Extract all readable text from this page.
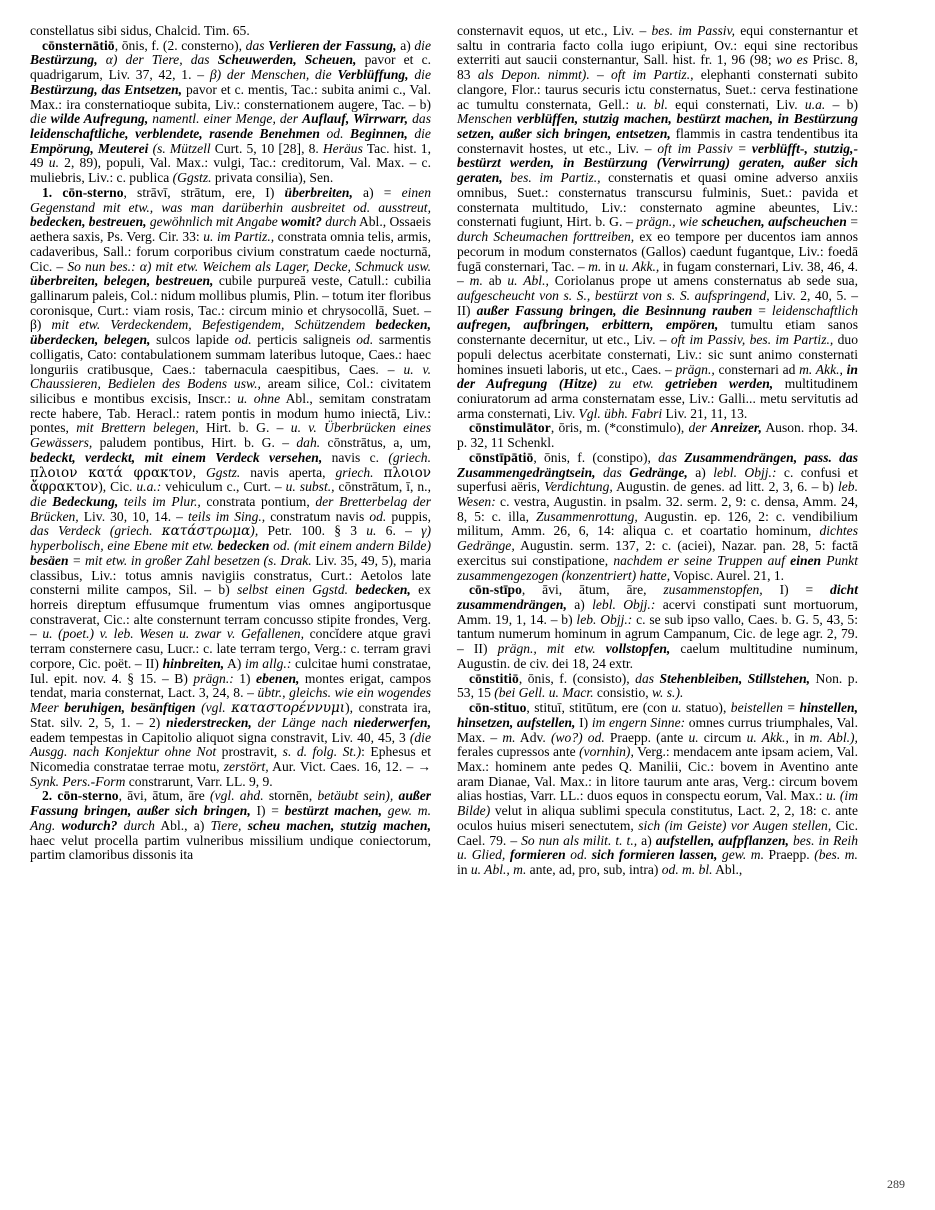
constellatus sibi sidus, Chalcid. Tim. 65.

cōnsternātiō, ōnis, f. (2. consterno), das Verlieren der Fassung, a) die Bestürzung, α) der Tiere, das Scheuwerden, Scheuen, pavor et c. quadrigarum, Liv. 37, 42, 1. – β) der Menschen, die Verblüffung, die Bestürzung, das Entsetzen, pavor et c. mentis, Tac.: subita animi c., Val. Max.: ira consternatioque subita, Liv.: consternationem augere, Tac. – b) die wilde Aufregung, namentl. einer Menge, der Auflauf, Wirrwarr, das leidenschaftliche, verblendete, rasende Benehmen od. Beginnen, die Empörung, Meuterei (s. Mützell Curt. 5, 10 [28], 8. Heräus Tac. hist. 1, 49 u. 2, 89), populi, Val. Max.: vulgi, Tac.: creditorum, Val. Max. – c. muliebris, Liv.: c. publica (Ggstz. privata consilia), Sen.

1. cōn-sterno, strāvī, strātum, ere, I) überbreiten, a) = einen Gegenstand mit etw., was man darüberhin ausbreitet od. ausstreut, bedecken, bestreuen, gewöhnlich mit Angabe womit? durch Abl., Ossaeis aethera saxis, Ps. Verg. Cir. 33: u. im Partiz., constrata omnia telis, armis, cadaveribus, Sall.: forum corporibus civium constratum caede nocturnā, Cic. – So nun bes.: α) mit etw. Weichem als Lager, Decke, Schmuck usw. überbreiten, belegen, bestreuen, cubile purpureā veste, Catull.: cubilia gallinarum paleis, Col.: nidum mollibus plumis, Plin. – totum iter floribus coronisque, Curt.: viam rosis, Tac.: circum minio et chrysocollā, Suet. – β) mit etw. Verdeckendem, Befestigendem, Schützendem bedecken, überdecken, belegen, sulcos lapide od. perticis saligneis od. sarmentis colligatis, Cato: contabulationem summam lateribus lutoque, Caes.: haec longuriis cratibusque, Caes.: tabernacula caespitibus, Caes. – u. v. Chaussieren, Bedielen des Bodens usw., aream silice, Col.: civitatem silicibus e montibus excisis, Inscr.: u. ohne Abl., semitam constratam recte habere, Tab. Heracl.: ratem pontis in modum humo iniectā, Liv.: pontes, mit Brettern belegen, Hirt. b. G. – u. v. Überbrücken eines Gewässers, paludem pontibus, Hirt. b. G. – dah. cōnstrātus, a, um, bedeckt, verdeckt, mit einem Verdeck versehen, navis c. (griech. πλοιον κατά φρακτον, Ggstz. navis aperta, griech. πλοιον ἄφρακτον), Cic. u.a.: vehiculum c., Curt. – u. subst., cōnstrātum, ī, n., die Bedeckung, teils im Plur., constrata pontium, der Bretterbelag der Brücken, Liv. 30, 10, 14. – teils im Sing., constratum navis od. puppis, das Verdeck (griech. κατάστρωμα), Petr. 100. § 3 u. 6. – γ) hyperbolisch, eine Ebene mit etw. bedecken od. (mit einem andern Bilde) besäen = mit etw. in großer Zahl besetzen (s. Drak. Liv. 35, 49, 5), maria classibus, Liv.: totus amnis navigiis constratus, Curt.: Aetolos late consterni milite campos, Sil. – b) selbst einen Ggstd. bedecken, ex horreis direptum effusumque frumentum vias omnes angiportusque constraverat, Cic.: alte consternunt terram concusso stipite frondes, Verg. – u. (poet.) v. leb. Wesen u. zwar v. Gefallenen, concĭdere atque gravi terram consternere casu, Lucr.: c. late terram tergo, Verg.: c. terram gravi corpore, Cic. poët. – II) hinbreiten, A) im allg.: culcitae humi constratae, Iul. epit. nov. 4. § 15. – B) prägn.: 1) ebenen, montes erigat, campos tendat, maria consternat, Lact. 3, 24, 8. – übtr., gleichs. wie ein wogendes Meer beruhigen, besänftigen (vgl. καταστορέννυμι), constrata ira, Stat. silv. 2, 5, 1. – 2) niederstrecken, der Länge nach niederwerfen, eadem tempestas in Capitolio aliquot signa constravit, Liv. 40, 45, 3 (die Ausgg. nach Konjektur ohne Not prostravit, s. d. folg. St.): Ephesus et Nicomedia constratae terrae motu, zerstört, Aur. Vict. Caes. 16, 12. – → Synk. Pers.-Form constrarunt, Varr. LL. 9, 9.

2. cōn-sterno, āvi, ātum, āre (vgl. ahd. stornēn, betäubt sein), außer Fassung bringen, außer sich bringen, I) = bestürzt machen, gew. m. Ang. wodurch? durch Abl., a) Tiere, scheu machen, stutzig machen, haec velut procella partim vulneribus missilium undique coniectorum, partim clamoribus dissonis ita

consternavit equos, ut etc., Liv. – bes. im Passiv, equi consternantur et saltu in contraria facto colla iugo eripiunt, Ov.: equi sine rectoribus exterriti aut saucii consternantur, Sall. hist. fr. 1, 96 (98; wo es Prisc. 8, 83 als Depon. nimmt). – oft im Partiz., elephanti consternati subito clangore, Flor.: taurus securis ictu consternatus, Suet.: cerva festinatione ac tumultu consternata, Gell.: u. bl. equi consternati, Liv. u.a. – b) Menschen verblüffen, stutzig machen, bestürzt machen, in Bestürzung setzen, außer sich bringen, entsetzen, flammis in castra tendentibus ita consternavit hostes, ut etc., Liv. – oft im Passiv = verblüfft-, stutzig,- bestürzt werden, in Bestürzung (Verwirrung) geraten, außer sich geraten, bes. im Partiz., consternatis et quasi omine adverso anxiis omnibus, Suet.: consternatus transcursu fulminis, Suet.: pavida et consternata multitudo, Liv.: consternato agmine abeuntes, Liv.: consternati fugiunt, Hirt. b. G. – prägn., wie scheuchen, aufscheuchen = durch Scheumachen forttreiben, ex eo tempore per ducentos iam annos pecorum in modum consternatos (Gallos) caedunt fugantque, Liv.: foedā fugā consternari, Tac. – m. in u. Akk., in fugam consternari, Liv. 38, 46, 4. – m. ab u. Abl., Coriolanus prope ut amens consternatus ab sede sua, aufgescheucht von s. S., bestürzt von s. S. aufspringend, Liv. 2, 40, 5. – II) außer Fassung bringen, die Besinnung rauben = leidenschaftlich aufregen, aufbringen, erbittern, empören, tumultu etiam sanos consternante decernitur, ut etc., Liv. – oft im Passiv, bes. im Partiz., duo populi delectus acerbitate consternati, Liv.: sic sunt animo consternati homines insueti laboris, ut etc., Caes. – prägn., consternari ad m. Akk., in der Aufregung (Hitze) zu etw. getrieben werden, multitudinem coniuratorum ad arma consternatam esse, Liv.: Galli... metu servitutis ad arma consternati, Liv. Vgl. übh. Fabri Liv. 21, 11, 13.

cōnstimulātor, ōris, m. (*constimulo), der Anreizer, Auson. rhop. 34. p. 32, 11 Schenkl.

cōnstīpātiō, ōnis, f. (constipo), das Zusammendrängen, pass. das Zusammengedrängtsein, das Gedränge, a) lebl. Objj.: c. confusi et superfusi aëris, Verdichtung, Augustin. de genes. ad litt. 2, 3, 6. – b) leb. Wesen: c. vestra, Augustin. in psalm. 32. serm. 2, 9: c. densa, Amm. 24, 8, 5: c. illa, Zusammenrottung, Augustin. ep. 126, 2: c. vendibilium militum, Amm. 26, 6, 14: aliqua c. et coartatio hominum, dichtes Gedränge, Augustin. serm. 137, 2: c. (aciei), Nazar. pan. 28, 5: factā exercitus sui constipatione, nachdem er seine Truppen auf einen Punkt zusammengezogen (konzentriert) hatte, Vopisc. Aurel. 21, 1.

cōn-stīpo, āvi, ātum, āre, zusammenstopfen, I) = dicht zusammendrängen, a) lebl. Objj.: acervi constipati sunt mortuorum, Amm. 19, 1, 14. – b) leb. Objj.: c. se sub ipso vallo, Caes. b. G. 5, 43, 5: tantum numerum hominum in agrum Campanum, Cic. de lege agr. 2, 79. – II) prägn., mit etw. vollstopfen, caelum multitudine numinum, Augustin. de civ. dei 18, 24 extr.

cōnstitiō, ōnis, f. (consisto), das Stehenbleiben, Stillstehen, Non. p. 53, 15 (bei Gell. u. Macr. consistio, w. s.).

cōn-stituo, stituī, stitūtum, ere (con u. statuo), beistellen = hinstellen, hinsetzen, aufstellen, I) im engern Sinne: omnes currus triumphales, Val. Max. – m. Adv. (wo?) od. Praepp. (ante u. circum u. Akk., in m. Abl.), ferales cupressos ante (vornhin), Verg.: mendacem ante ipsam aciem, Val. Max.: hominem ante pedes Q. Manilii, Cic.: bovem in Aventino ante aram Dianae, Val. Max.: in litore taurum ante aras, Verg.: circum bovem alias hostias, Varr. LL.: duos equos in conspectu eorum, Val. Max.: u. (im Bilde) velut in aliqua sublimi specula constitutus, Lact. 2, 2, 18: c. ante oculos huius miseri senectutem, sich (im Geiste) vor Augen stellen, Cic. Cael. 79. – So nun als milit. t. t., a) aufstellen, aufpflanzen, bes. in Reih u. Glied, formieren od. sich formieren lassen, gew. m. Praepp. (bes. m. in u. Abl., m. ante, ad, pro, sub, intra) od. m. bl. Abl.,

289
